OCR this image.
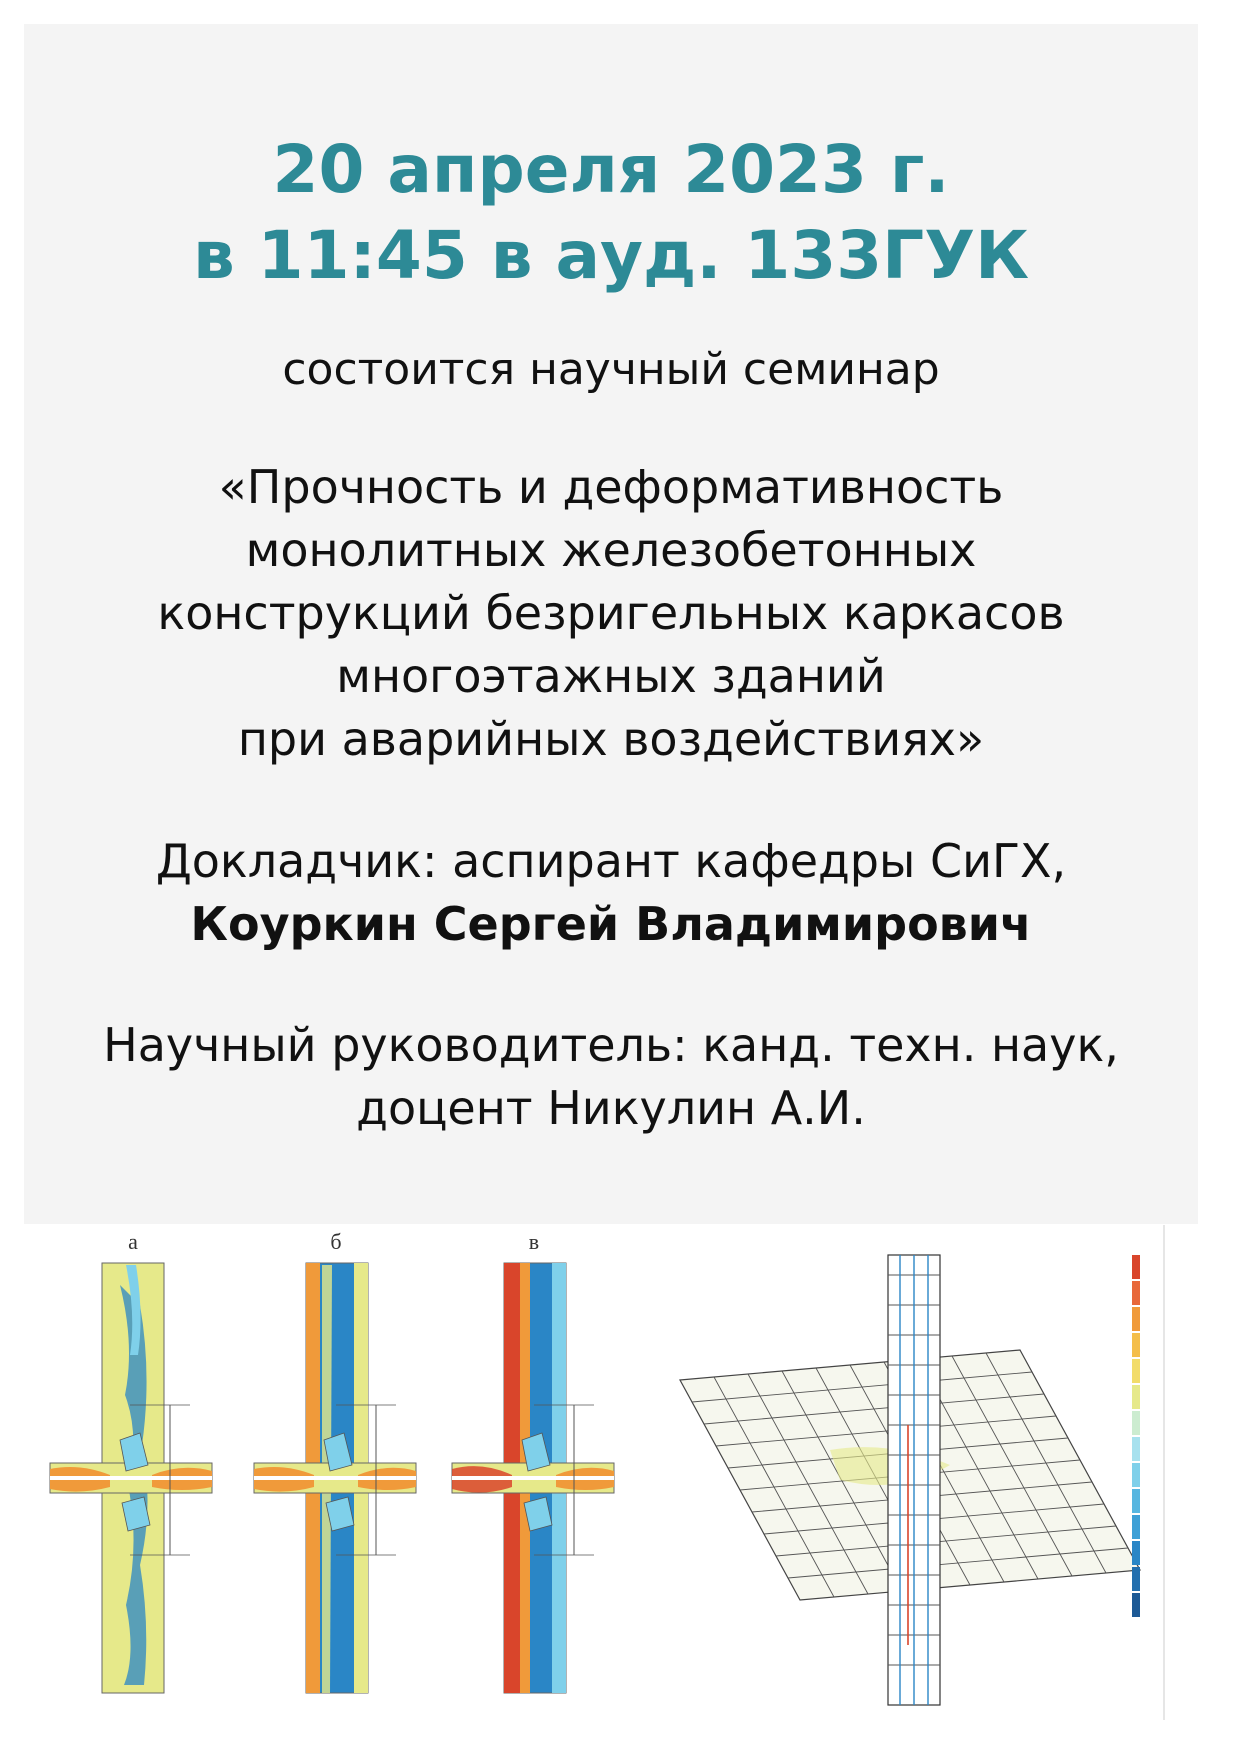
20 апреля 2023 г.
в 11:45 в ауд. 133ГУК
состоится научный семинар
«Прочность и деформативность
монолитных железобетонных
конструкций безригельных каркасов
многоэтажных зданий
при аварийных воздействиях»
Докладчик: аспирант кафедры СиГХ,
Коуркин Сергей Владимирович
Научный руководитель: канд. техн. наук,
доцент Никулин А.И.
а	б	в
